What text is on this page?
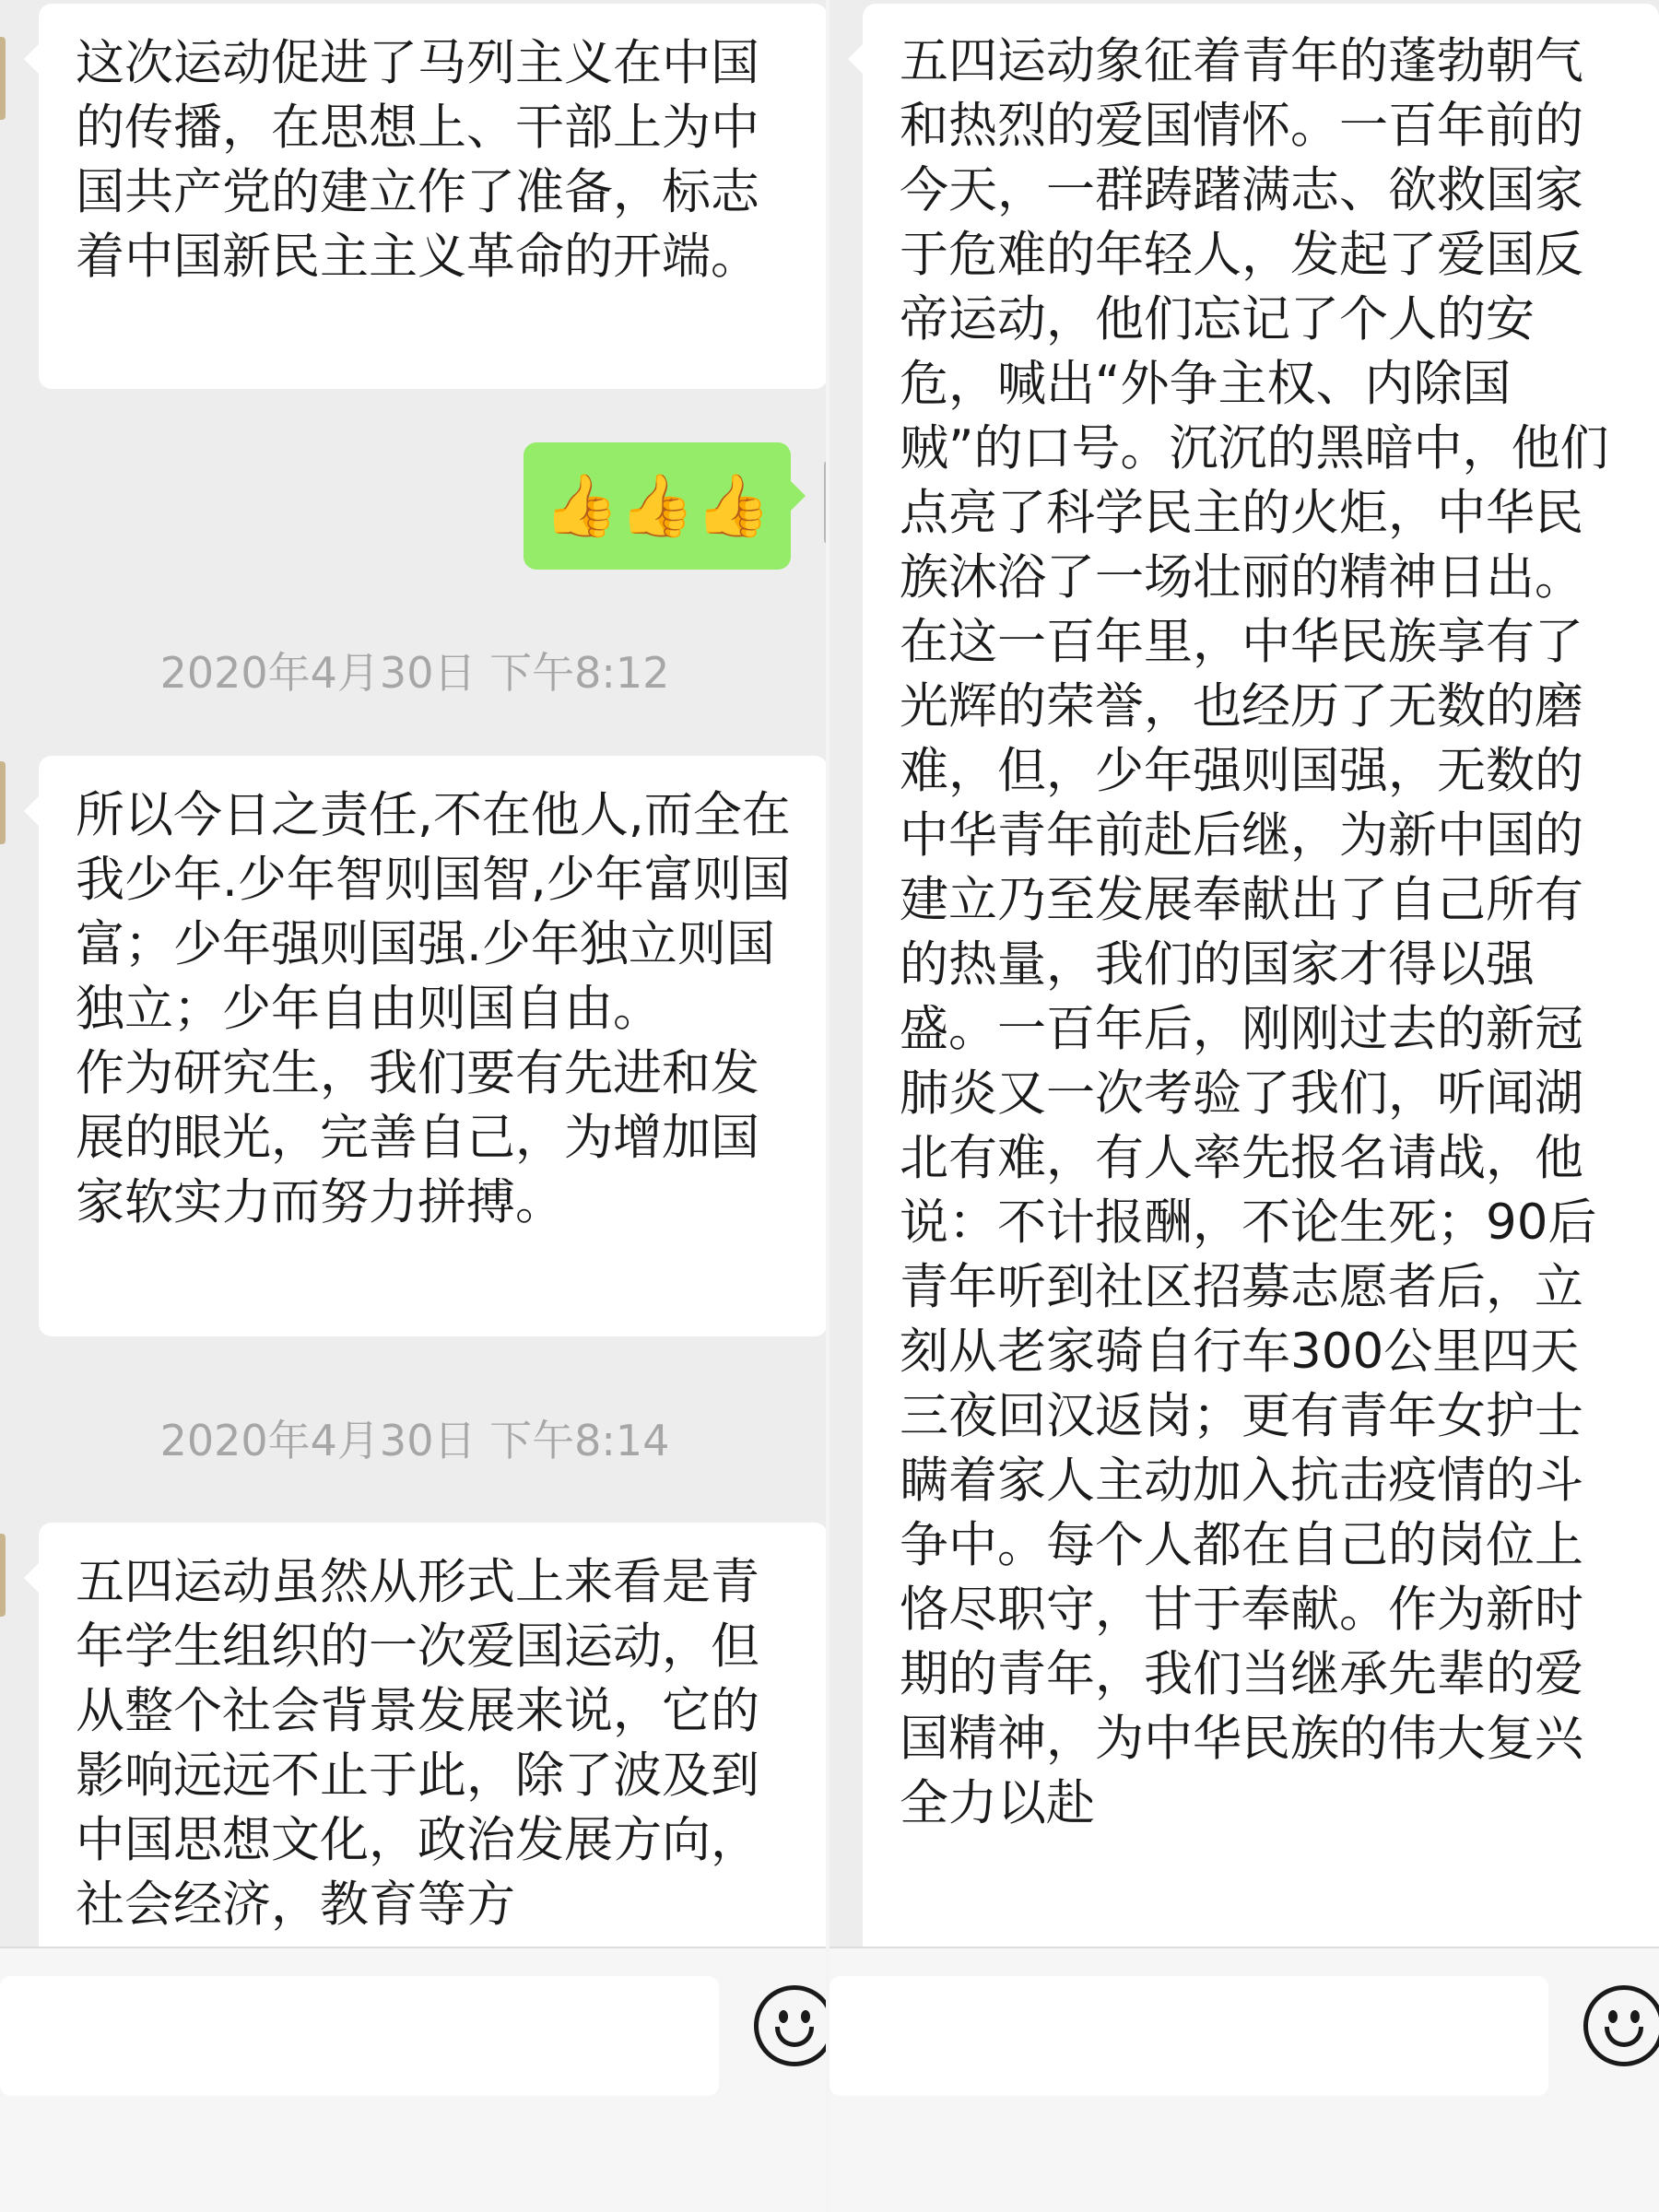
这次运动促进了马列主义在中国的传播，在思想上、干部上为中国共产党的建立作了准备，标志着中国新民主主义革命的开端。
👍👍👍
2020年4月30日 下午8:12
所以今日之责任,不在他人,而全在我少年.少年智则国智,少年富则国富；少年强则国强.少年独立则国独立；少年自由则国自由。
作为研究生，我们要有先进和发展的眼光，完善自己，为增加国家软实力而努力拼搏。
2020年4月30日 下午8:14
五四运动虽然从形式上来看是青年学生组织的一次爱国运动，但从整个社会背景发展来说，它的影响远远不止于此，除了波及到中国思想文化，政治发展方向，社会经济，教育等方
五四运动象征着青年的蓬勃朝气和热烈的爱国情怀。一百年前的今天，一群踌躇满志、欲救国家于危难的年轻人，发起了爱国反帝运动，他们忘记了个人的安危，喊出“外争主权、内除国贼”的口号。沉沉的黑暗中，他们点亮了科学民主的火炬，中华民族沐浴了一场壮丽的精神日出。在这一百年里，中华民族享有了光辉的荣誉，也经历了无数的磨难，但，少年强则国强，无数的中华青年前赴后继，为新中国的建立乃至发展奉献出了自己所有的热量，我们的国家才得以强盛。一百年后，刚刚过去的新冠肺炎又一次考验了我们，听闻湖北有难，有人率先报名请战，他说：不计报酬，不论生死；90后青年听到社区招募志愿者后，立刻从老家骑自行车300公里四天三夜回汉返岗；更有青年女护士瞒着家人主动加入抗击疫情的斗争中。每个人都在自己的岗位上恪尽职守，甘于奉献。作为新时期的青年，我们当继承先辈的爱国精神，为中华民族的伟大复兴全力以赴
